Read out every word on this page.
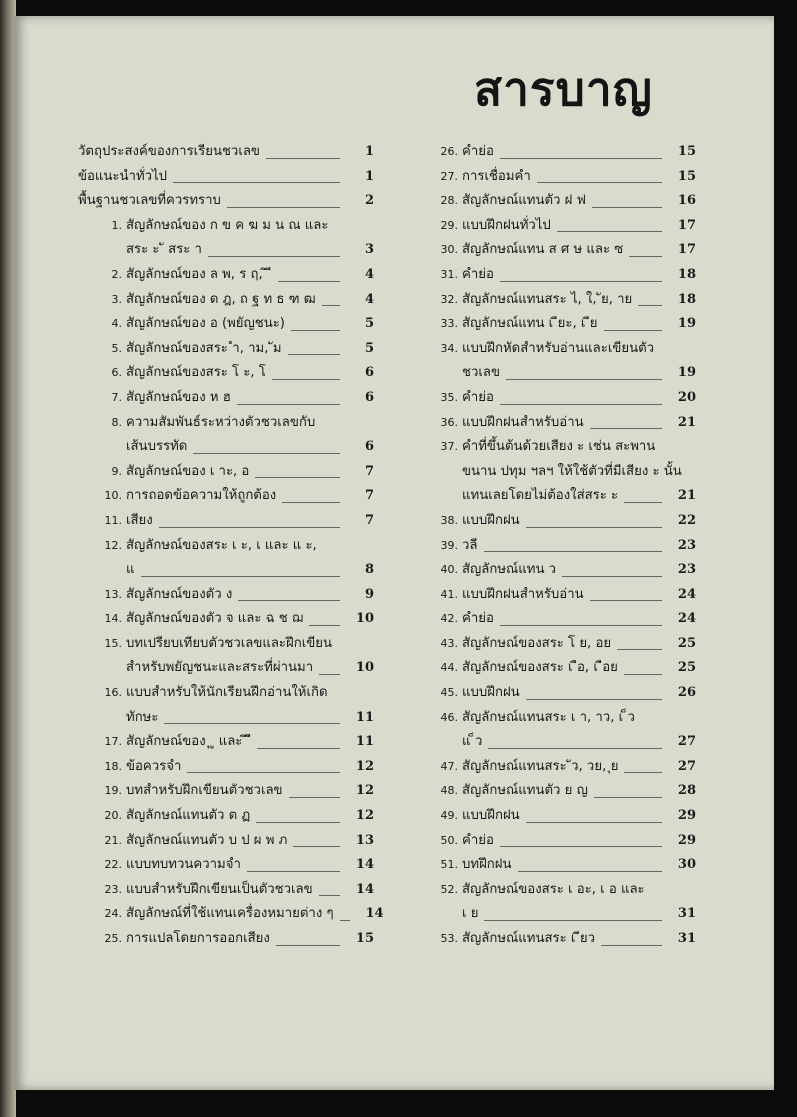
สารบาญ
วัตถุประสงค์ของการเรียนชวเลข	1
ข้อแนะนำทั่วไป	1
พื้นฐานชวเลขที่ควรทราบ	2
1. สัญลักษณ์ของ ก ข ค ฆ ม น ณ และ
สระ ะ ั สระ า	3
2. สัญลักษณ์ของ ล พ, ร ฤ, ิ ี	4
3. สัญลักษณ์ของ ด ฎ, ถ ฐ ท ธ ฑ ฒ	4
4. สัญลักษณ์ของ อ (พยัญชนะ)	5
5. สัญลักษณ์ของสระ ำ, าม, ัม	5
6. สัญลักษณ์ของสระ โ ะ, โ	6
7. สัญลักษณ์ของ ห ฮ	6
8. ความสัมพันธ์ระหว่างตัวชวเลขกับ
เส้นบรรทัด	6
9. สัญลักษณ์ของ เ าะ, อ	7
10. การถอดข้อความให้ถูกต้อง	7
11. เสียง	7
12. สัญลักษณ์ของสระ เ ะ, เ และ แ ะ,
แ	8
13. สัญลักษณ์ของตัว ง	9
14. สัญลักษณ์ของตัว จ และ ฉ ช ฌ	10
15. บทเปรียบเทียบตัวชวเลขและฝึกเขียน
สำหรับพยัญชนะและสระที่ผ่านมา	10
16. แบบสำหรับให้นักเรียนฝึกอ่านให้เกิด
ทักษะ	11
17. สัญลักษณ์ของ ุ ู และ ึ ื	11
18. ข้อควรจำ	12
19. บทสำหรับฝึกเขียนตัวชวเลข	12
20. สัญลักษณ์แทนตัว ต ฏ	12
21. สัญลักษณ์แทนตัว บ ป ผ พ ภ	13
22. แบบทบทวนความจำ	14
23. แบบสำหรับฝึกเขียนเป็นตัวชวเลข	14
24. สัญลักษณ์ที่ใช้แทนเครื่องหมายต่าง ๆ	14
25. การแปลโดยการออกเสียง	15
26. คำย่อ	15
27. การเชื่อมคำ	15
28. สัญลักษณ์แทนตัว ฝ ฟ	16
29. แบบฝึกฝนทั่วไป	17
30. สัญลักษณ์แทน ส ศ ษ และ ซ	17
31. คำย่อ	18
32. สัญลักษณ์แทนสระ ไ, ใ, ัย, าย	18
33. สัญลักษณ์แทน เ ียะ, เ ีย	19
34. แบบฝึกหัดสำหรับอ่านและเขียนตัว
ชวเลข	19
35. คำย่อ	20
36. แบบฝึกฝนสำหรับอ่าน	21
37. คำที่ขึ้นต้นด้วยเสียง ะ เช่น สะพาน
ขนาน ปทุม ฯลฯ ให้ใช้ตัวที่มีเสียง ะ นั้น
แทนเลยโดยไม่ต้องใส่สระ ะ	21
38. แบบฝึกฝน	22
39. วลี	23
40. สัญลักษณ์แทน ว	23
41. แบบฝึกฝนสำหรับอ่าน	24
42. คำย่อ	24
43. สัญลักษณ์ของสระ โ ย, อย	25
44. สัญลักษณ์ของสระ เ ือ, เ ือย	25
45. แบบฝึกฝน	26
46. สัญลักษณ์แทนสระ เ า, าว, เ ็ว
แ ็ว	27
47. สัญลักษณ์แทนสระ ัว, วย, ุย	27
48. สัญลักษณ์แทนตัว ย ญ	28
49. แบบฝึกฝน	29
50. คำย่อ	29
51. บทฝึกฝน	30
52. สัญลักษณ์ของสระ เ อะ, เ อ และ
เ ย	31
53. สัญลักษณ์แทนสระ เ ียว	31
